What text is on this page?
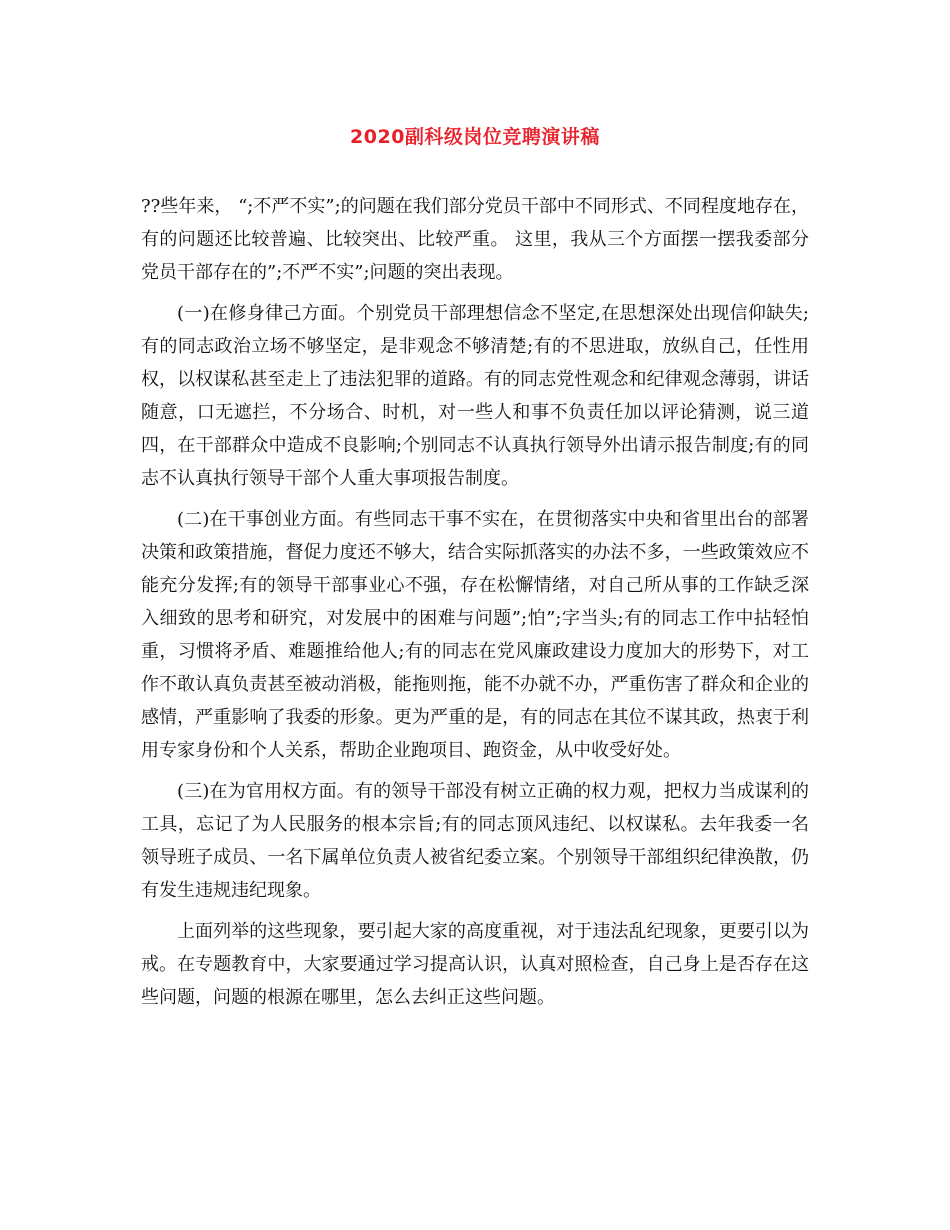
2020副科级岗位竞聘演讲稿

??些年来， “;不严不实”;的问题在我们部分党员干部中不同形式、不同程度地存在，有的问题还比较普遍、比较突出、比较严重。 这里，我从三个方面摆一摆我委部分党员干部存在的”;不严不实”;问题的突出表现。

(一)在修身律己方面。个别党员干部理想信念不坚定,在思想深处出现信仰缺失;有的同志政治立场不够坚定，是非观念不够清楚;有的不思进取，放纵自己，任性用权，以权谋私甚至走上了违法犯罪的道路。有的同志党性观念和纪律观念薄弱，讲话随意，口无遮拦，不分场合、时机，对一些人和事不负责任加以评论猜测，说三道四，在干部群众中造成不良影响;个别同志不认真执行领导外出请示报告制度;有的同志不认真执行领导干部个人重大事项报告制度。

(二)在干事创业方面。有些同志干事不实在，在贯彻落实中央和省里出台的部署决策和政策措施，督促力度还不够大，结合实际抓落实的办法不多，一些政策效应不能充分发挥;有的领导干部事业心不强，存在松懈情绪，对自己所从事的工作缺乏深入细致的思考和研究，对发展中的困难与问题”;怕”;字当头;有的同志工作中拈轻怕重，习惯将矛盾、难题推给他人;有的同志在党风廉政建设力度加大的形势下，对工作不敢认真负责甚至被动消极，能拖则拖，能不办就不办，严重伤害了群众和企业的感情，严重影响了我委的形象。更为严重的是，有的同志在其位不谋其政，热衷于利用专家身份和个人关系，帮助企业跑项目、跑资金，从中收受好处。

(三)在为官用权方面。有的领导干部没有树立正确的权力观，把权力当成谋利的工具，忘记了为人民服务的根本宗旨;有的同志顶风违纪、以权谋私。去年我委一名领导班子成员、一名下属单位负责人被省纪委立案。个别领导干部组织纪律涣散，仍有发生违规违纪现象。

上面列举的这些现象，要引起大家的高度重视，对于违法乱纪现象，更要引以为戒。在专题教育中，大家要通过学习提高认识，认真对照检查，自己身上是否存在这些问题，问题的根源在哪里，怎么去纠正这些问题。
